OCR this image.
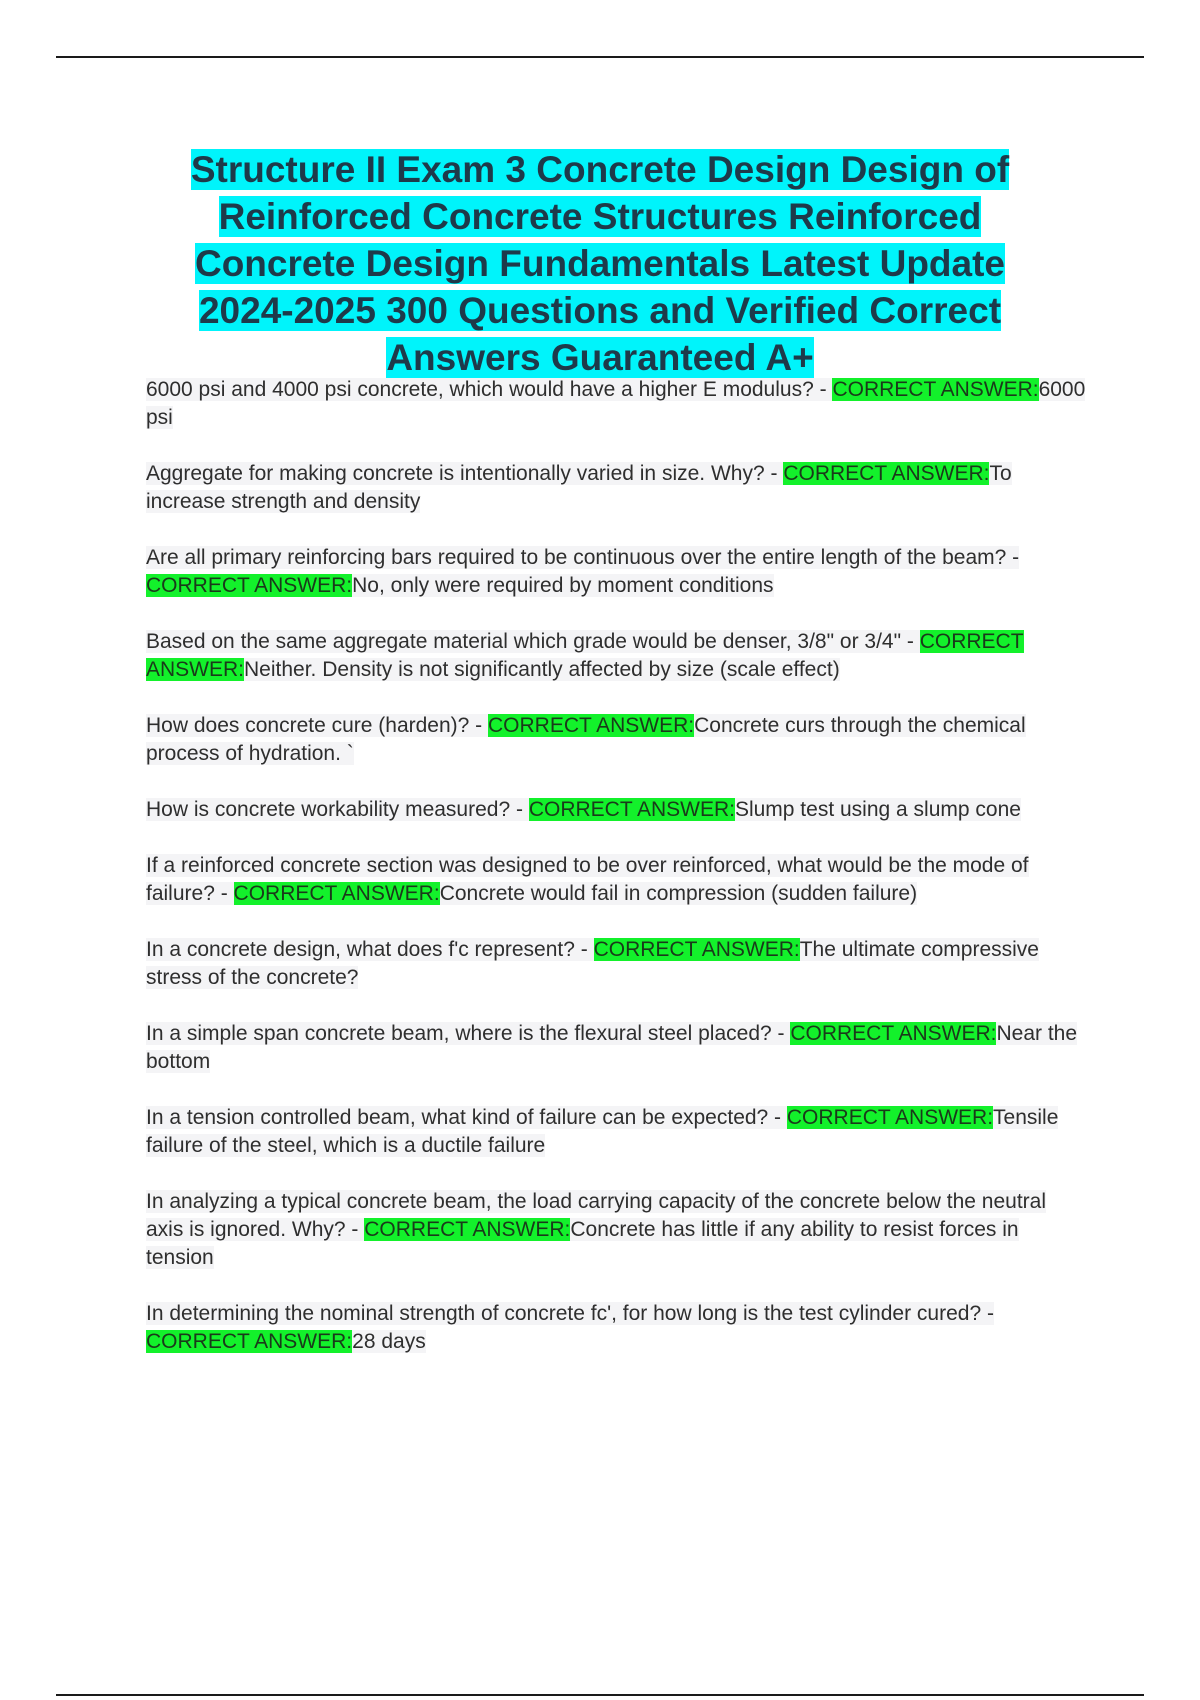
Structure II Exam 3 Concrete Design Design of Reinforced Concrete Structures Reinforced Concrete Design Fundamentals Latest Update 2024-2025 300 Questions and Verified Correct Answers Guaranteed A+

6000 psi and 4000 psi concrete, which would have a higher E modulus? - CORRECT ANSWER:6000 psi

Aggregate for making concrete is intentionally varied in size. Why? - CORRECT ANSWER:To increase strength and density

Are all primary reinforcing bars required to be continuous over the entire length of the beam? - CORRECT ANSWER:No, only were required by moment conditions

Based on the same aggregate material which grade would be denser, 3/8" or 3/4" - CORRECT ANSWER:Neither. Density is not significantly affected by size (scale effect)

How does concrete cure (harden)? - CORRECT ANSWER:Concrete curs through the chemical process of hydration. `

How is concrete workability measured? - CORRECT ANSWER:Slump test using a slump cone

If a reinforced concrete section was designed to be over reinforced, what would be the mode of failure? - CORRECT ANSWER:Concrete would fail in compression (sudden failure)

In a concrete design, what does f'c represent? - CORRECT ANSWER:The ultimate compressive stress of the concrete?

In a simple span concrete beam, where is the flexural steel placed? - CORRECT ANSWER:Near the bottom

In a tension controlled beam, what kind of failure can be expected? - CORRECT ANSWER:Tensile failure of the steel, which is a ductile failure

In analyzing a typical concrete beam, the load carrying capacity of the concrete below the neutral axis is ignored. Why? - CORRECT ANSWER:Concrete has little if any ability to resist forces in tension

In determining the nominal strength of concrete fc', for how long is the test cylinder cured? - CORRECT ANSWER:28 days
